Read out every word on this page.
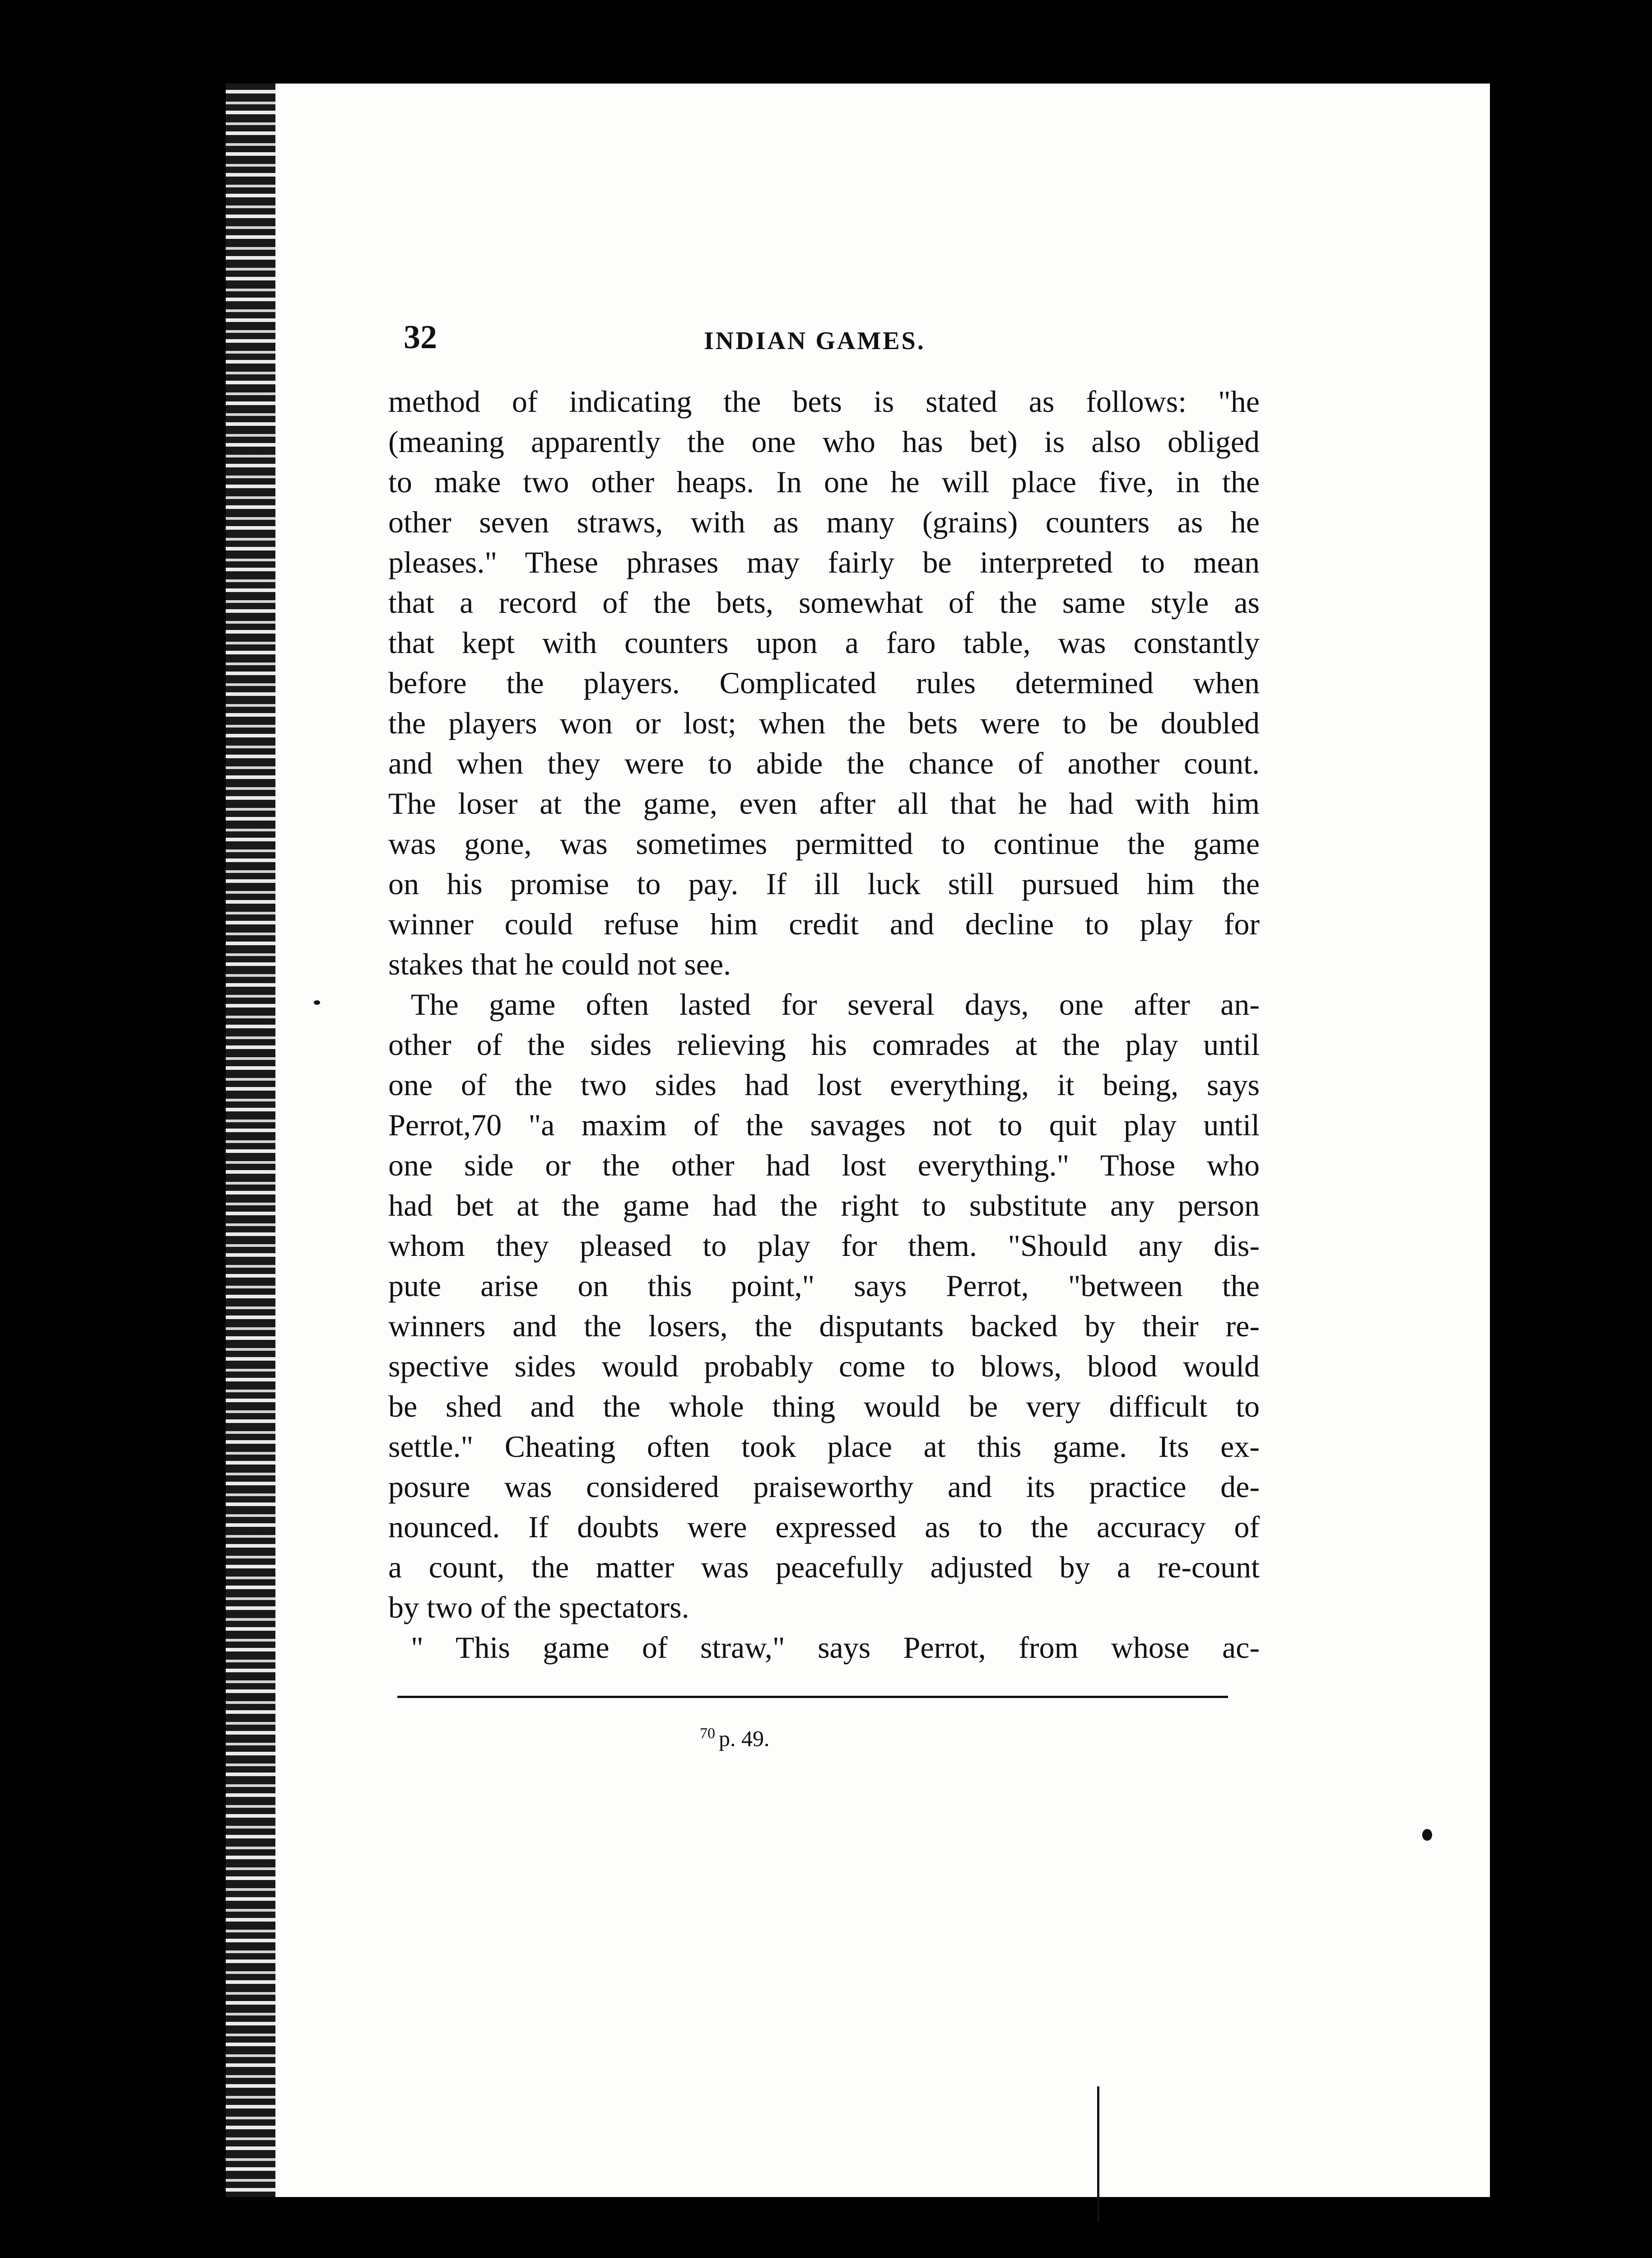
32	INDIAN GAMES.
method of indicating the bets is stated as follows: "he
(meaning apparently the one who has bet) is also obliged
to make two other heaps. In one he will place five, in the
other seven straws, with as many (grains) counters as he
pleases." These phrases may fairly be interpreted to mean
that a record of the bets, somewhat of the same style as
that kept with counters upon a faro table, was constantly
before the players. Complicated rules determined when
the players won or lost; when the bets were to be doubled
and when they were to abide the chance of another count.
The loser at the game, even after all that he had with him
was gone, was sometimes permitted to continue the game
on his promise to pay. If ill luck still pursued him the
winner could refuse him credit and decline to play for
stakes that he could not see.
The game often lasted for several days, one after an-
other of the sides relieving his comrades at the play until
one of the two sides had lost everything, it being, says
Perrot,70 "a maxim of the savages not to quit play until
one side or the other had lost everything." Those who
had bet at the game had the right to substitute any person
whom they pleased to play for them. "Should any dis-
pute arise on this point," says Perrot, "between the
winners and the losers, the disputants backed by their re-
spective sides would probably come to blows, blood would
be shed and the whole thing would be very difficult to
settle." Cheating often took place at this game. Its ex-
posure was considered praiseworthy and its practice de-
nounced. If doubts were expressed as to the accuracy of
a count, the matter was peacefully adjusted by a re-count
by two of the spectators.
" This game of straw," says Perrot, from whose ac-
$^{70}$ p. 49.
